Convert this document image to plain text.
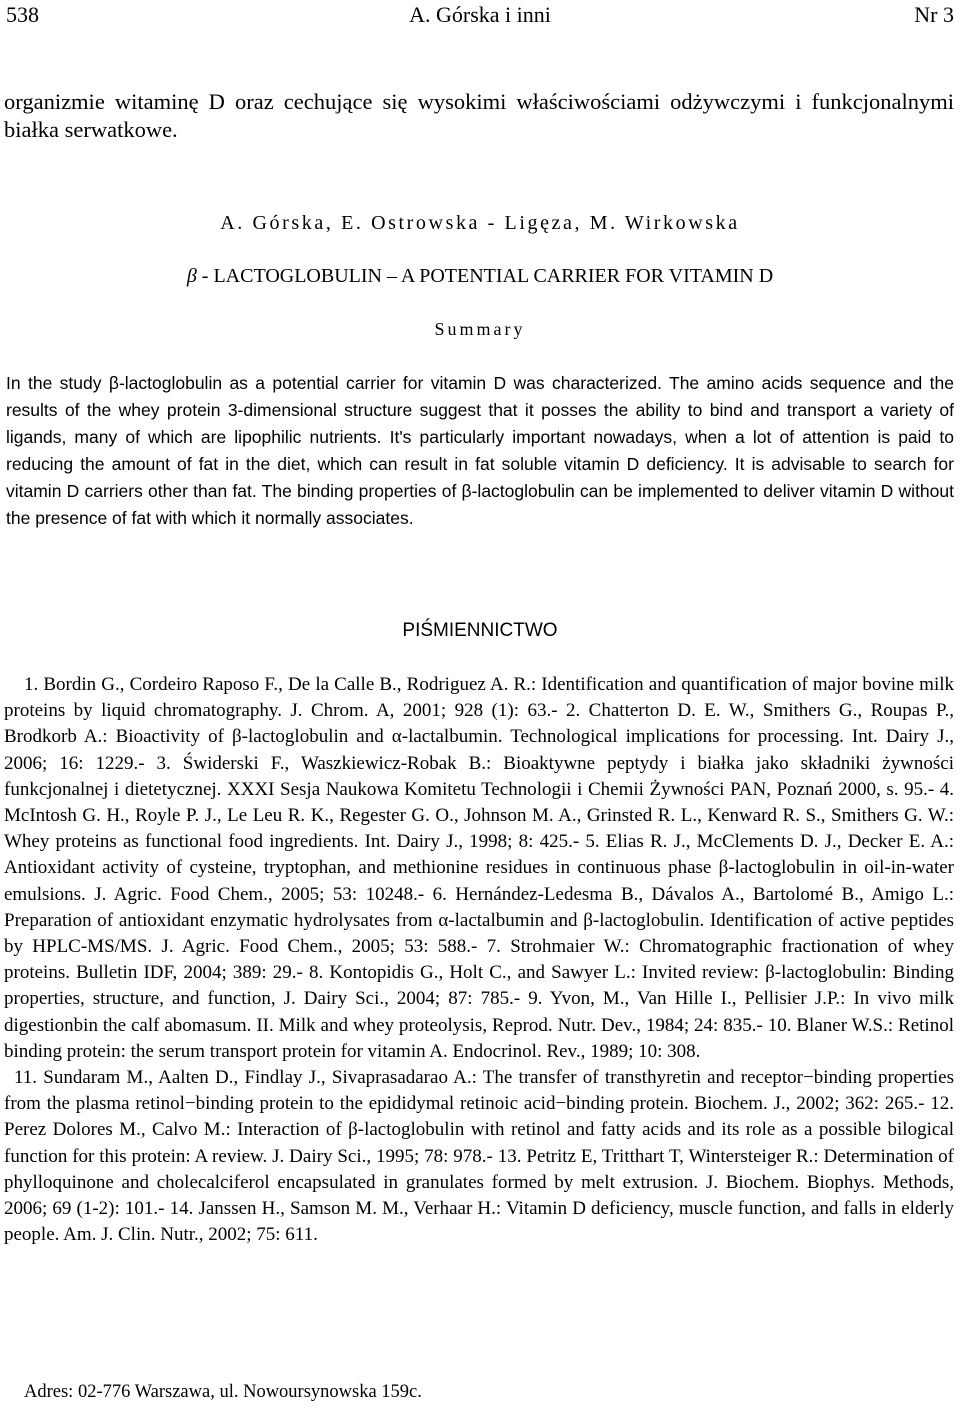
538	A. Górska i inni	Nr 3

organizmie witaminę D oraz cechujące się wysokimi właściwościami odżywczymi i funkcjonalnymi białka serwatkowe.

A. Górska, E. Ostrowska - Ligęza, M. Wirkowska
β - LACTOGLOBULIN – A POTENTIAL CARRIER FOR VITAMIN D
Summary

In the study β-lactoglobulin as a potential carrier for vitamin D was characterized. The amino acids sequence and the results of the whey protein 3-dimensional structure suggest that it posses the ability to bind and transport a variety of ligands, many of which are lipophilic nutrients. It's particularly important nowadays, when a lot of attention is paid to reducing the amount of fat in the diet, which can result in fat soluble vitamin D deficiency. It is advisable to search for vitamin D carriers other than fat. The binding properties of β-lactoglobulin can be implemented to deliver vitamin D without the presence of fat with which it normally associates.

PIŚMIENNICTWO

1. Bordin G., Cordeiro Raposo F., De la Calle B., Rodriguez A. R.: Identification and quantification of major bovine milk proteins by liquid chromatography. J. Chrom. A, 2001; 928 (1): 63.- 2. Chatterton D. E. W., Smithers G., Roupas P., Brodkorb A.: Bioactivity of β-lactoglobulin and α-lactalbumin. Technological implications for processing. Int. Dairy J., 2006; 16: 1229.- 3. Świderski F., Waszkiewicz-Robak B.: Bioaktywne peptydy i białka jako składniki żywności funkcjonalnej i dietetycznej. XXXI Sesja Naukowa Komitetu Technologii i Chemii Żywności PAN, Poznań 2000, s. 95.- 4. McIntosh G. H., Royle P. J., Le Leu R. K., Regester G. O., Johnson M. A., Grinsted R. L., Kenward R. S., Smithers G. W.: Whey proteins as functional food ingredients. Int. Dairy J., 1998; 8: 425.- 5. Elias R. J., McClements D. J., Decker E. A.: Antioxidant activity of cysteine, tryptophan, and methionine residues in continuous phase β-lactoglobulin in oil-in-water emulsions. J. Agric. Food Chem., 2005; 53: 10248.- 6. Hernández-Ledesma B., Dávalos A., Bartolomé B., Amigo L.: Preparation of antioxidant enzymatic hydrolysates from α-lactalbumin and β-lactoglobulin. Identification of active peptides by HPLC-MS/MS. J. Agric. Food Chem., 2005; 53: 588.- 7. Strohmaier W.: Chromatographic fractionation of whey proteins. Bulletin IDF, 2004; 389: 29.- 8. Kontopidis G., Holt C., and Sawyer L.: Invited review: β-lactoglobulin: Binding properties, structure, and function, J. Dairy Sci., 2004; 87: 785.- 9. Yvon, M., Van Hille I., Pellisier J.P.: In vivo milk digestionbin the calf abomasum. II. Milk and whey proteolysis, Reprod. Nutr. Dev., 1984; 24: 835.- 10. Blaner W.S.: Retinol binding protein: the serum transport protein for vitamin A. Endocrinol. Rev., 1989; 10: 308.

11. Sundaram M., Aalten D., Findlay J., Sivaprasadarao A.: The transfer of transthyretin and receptor−binding properties from the plasma retinol−binding protein to the epididymal retinoic acid−binding protein. Biochem. J., 2002; 362: 265.- 12. Perez Dolores M., Calvo M.: Interaction of β-lactoglobulin with retinol and fatty acids and its role as a possible bilogical function for this protein: A review. J. Dairy Sci., 1995; 78: 978.- 13. Petritz E, Tritthart T, Wintersteiger R.: Determination of phylloquinone and cholecalciferol encapsulated in granulates formed by melt extrusion. J. Biochem. Biophys. Methods, 2006; 69 (1-2): 101.- 14. Janssen H., Samson M. M., Verhaar H.: Vitamin D deficiency, muscle function, and falls in elderly people. Am. J. Clin. Nutr., 2002; 75: 611.

Adres: 02-776 Warszawa, ul. Nowoursynowska 159c.
